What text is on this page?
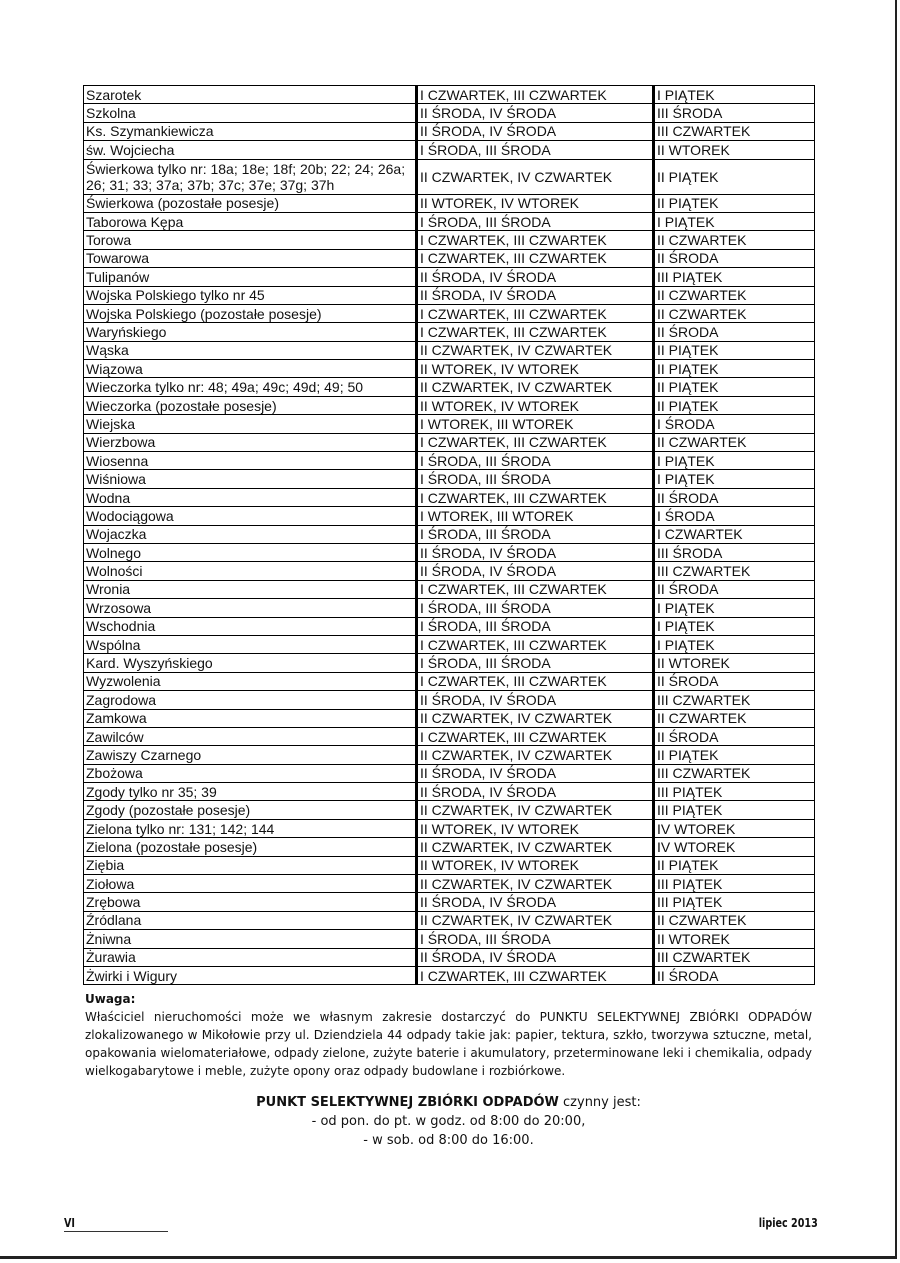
Szarotek	I CZWARTEK, III CZWARTEK	I PIĄTEK
Szkolna	II ŚRODA, IV ŚRODA	III ŚRODA
Ks. Szymankiewicza	II ŚRODA, IV ŚRODA	III CZWARTEK
św. Wojciecha	I ŚRODA, III ŚRODA	II WTOREK
Świerkowa tylko nr: 18a; 18e; 18f; 20b; 22; 24; 26a; 26; 31; 33; 37a; 37b; 37c; 37e; 37g; 37h	II CZWARTEK, IV CZWARTEK	II PIĄTEK
Świerkowa (pozostałe posesje)	II WTOREK, IV WTOREK	II PIĄTEK
Taborowa Kępa	I ŚRODA, III ŚRODA	I PIĄTEK
Torowa	I CZWARTEK, III CZWARTEK	II CZWARTEK
Towarowa	I CZWARTEK, III CZWARTEK	II ŚRODA
Tulipanów	II ŚRODA, IV ŚRODA	III PIĄTEK
Wojska Polskiego tylko nr 45	II ŚRODA, IV ŚRODA	II CZWARTEK
Wojska Polskiego (pozostałe posesje)	I CZWARTEK, III CZWARTEK	II CZWARTEK
Waryńskiego	I CZWARTEK, III CZWARTEK	II ŚRODA
Wąska	II CZWARTEK, IV CZWARTEK	II PIĄTEK
Wiązowa	II WTOREK, IV WTOREK	II PIĄTEK
Wieczorka tylko nr: 48; 49a; 49c; 49d; 49; 50	II CZWARTEK, IV CZWARTEK	II PIĄTEK
Wieczorka (pozostałe posesje)	II WTOREK, IV WTOREK	II PIĄTEK
Wiejska	I WTOREK, III WTOREK	I ŚRODA
Wierzbowa	I CZWARTEK, III CZWARTEK	II CZWARTEK
Wiosenna	I ŚRODA, III ŚRODA	I PIĄTEK
Wiśniowa	I ŚRODA, III ŚRODA	I PIĄTEK
Wodna	I CZWARTEK, III CZWARTEK	II ŚRODA
Wodociągowa	I WTOREK, III WTOREK	I ŚRODA
Wojaczka	I ŚRODA, III ŚRODA	I CZWARTEK
Wolnego	II ŚRODA, IV ŚRODA	III ŚRODA
Wolności	II ŚRODA, IV ŚRODA	III CZWARTEK
Wronia	I CZWARTEK, III CZWARTEK	II ŚRODA
Wrzosowa	I ŚRODA, III ŚRODA	I PIĄTEK
Wschodnia	I ŚRODA, III ŚRODA	I PIĄTEK
Wspólna	I CZWARTEK, III CZWARTEK	I PIĄTEK
Kard. Wyszyńskiego	I ŚRODA, III ŚRODA	II WTOREK
Wyzwolenia	I CZWARTEK, III CZWARTEK	II ŚRODA
Zagrodowa	II ŚRODA, IV ŚRODA	III CZWARTEK
Zamkowa	II CZWARTEK, IV CZWARTEK	II CZWARTEK
Zawilców	I CZWARTEK, III CZWARTEK	II ŚRODA
Zawiszy Czarnego	II CZWARTEK, IV CZWARTEK	II PIĄTEK
Zbożowa	II ŚRODA, IV ŚRODA	III CZWARTEK
Zgody tylko nr 35; 39	II ŚRODA, IV ŚRODA	III PIĄTEK
Zgody (pozostałe posesje)	II CZWARTEK, IV CZWARTEK	III PIĄTEK
Zielona tylko nr: 131; 142; 144	II WTOREK, IV WTOREK	IV WTOREK
Zielona (pozostałe posesje)	II CZWARTEK, IV CZWARTEK	IV WTOREK
Ziębia	II WTOREK, IV WTOREK	II PIĄTEK
Ziołowa	II CZWARTEK, IV CZWARTEK	III PIĄTEK
Zrębowa	II ŚRODA, IV ŚRODA	III PIĄTEK
Źródlana	II CZWARTEK, IV CZWARTEK	II CZWARTEK
Żniwna	I ŚRODA, III ŚRODA	II WTOREK
Żurawia	II ŚRODA, IV ŚRODA	III CZWARTEK
Żwirki i Wigury	I CZWARTEK, III CZWARTEK	II ŚRODA
Uwaga:
Właściciel nieruchomości może we własnym zakresie dostarczyć do PUNKTU SELEKTYWNEJ ZBIÓRKI ODPADÓW zlokalizowanego w Mikołowie przy ul. Dziendziela 44 odpady takie jak: papier, tektura, szkło, tworzywa sztuczne, metal, opakowania wielomateriałowe, odpady zielone, zużyte baterie i akumulatory, przeterminowane leki i chemikalia, odpady wielkogabarytowe i meble, zużyte opony oraz odpady budowlane i rozbiórkowe.
PUNKT SELEKTYWNEJ ZBIÓRKI ODPADÓW czynny jest:
- od pon. do pt. w godz. od 8:00 do 20:00,
- w sob. od 8:00 do 16:00.
VI	lipiec 2013
